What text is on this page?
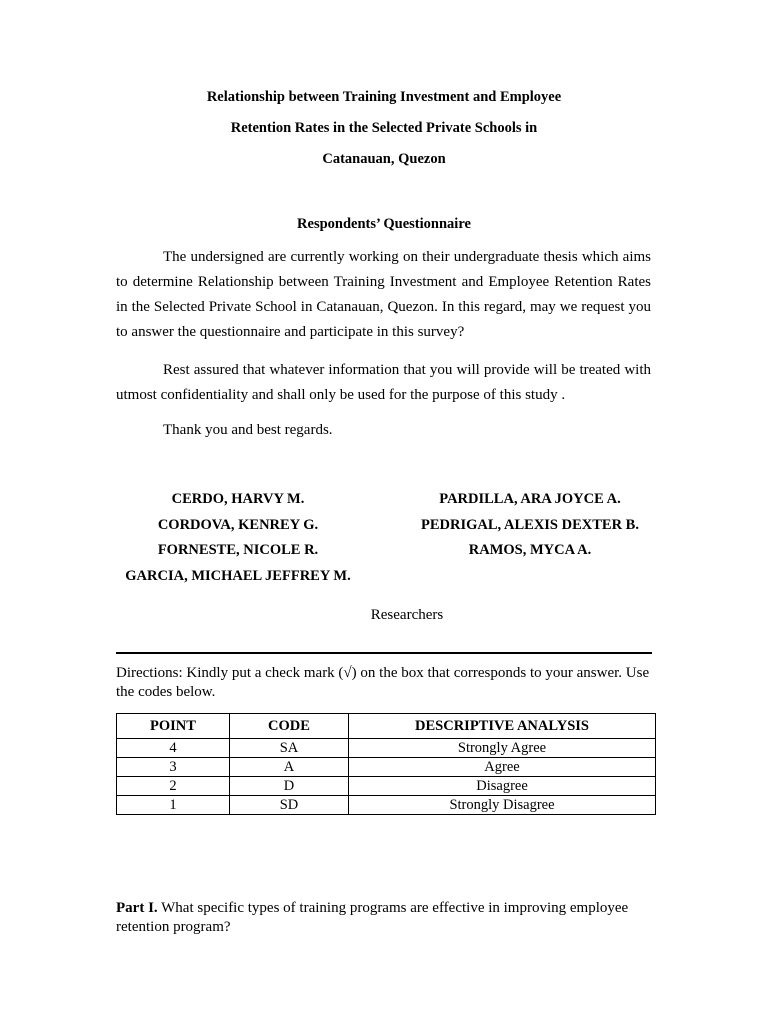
Relationship between Training Investment and Employee
Retention Rates in the Selected Private Schools in
Catanauan, Quezon
Respondents’ Questionnaire

The undersigned are currently working on their undergraduate thesis which aims to determine Relationship between Training Investment and Employee Retention Rates in the Selected Private School in Catanauan, Quezon. In this regard, may we request you to answer the questionnaire and participate in this survey?

Rest assured that whatever information that you will provide will be treated with utmost confidentiality and shall only be used for the purpose of this study .

Thank you and best regards.

CERDO, HARVY M.
CORDOVA, KENREY G.
FORNESTE, NICOLE R.
GARCIA, MICHAEL JEFFREY M.
PARDILLA, ARA JOYCE A.
PEDRIGAL, ALEXIS DEXTER B.
RAMOS, MYCA A.
Researchers
Directions: Kindly put a check mark (√) on the box that corresponds to your answer. Use the codes below.
POINT	CODE	DESCRIPTIVE ANALYSIS
4	SA	Strongly Agree
3	A	Agree
2	D	Disagree
1	SD	Strongly Disagree
Part I. What specific types of training programs are effective in improving employee retention program?
